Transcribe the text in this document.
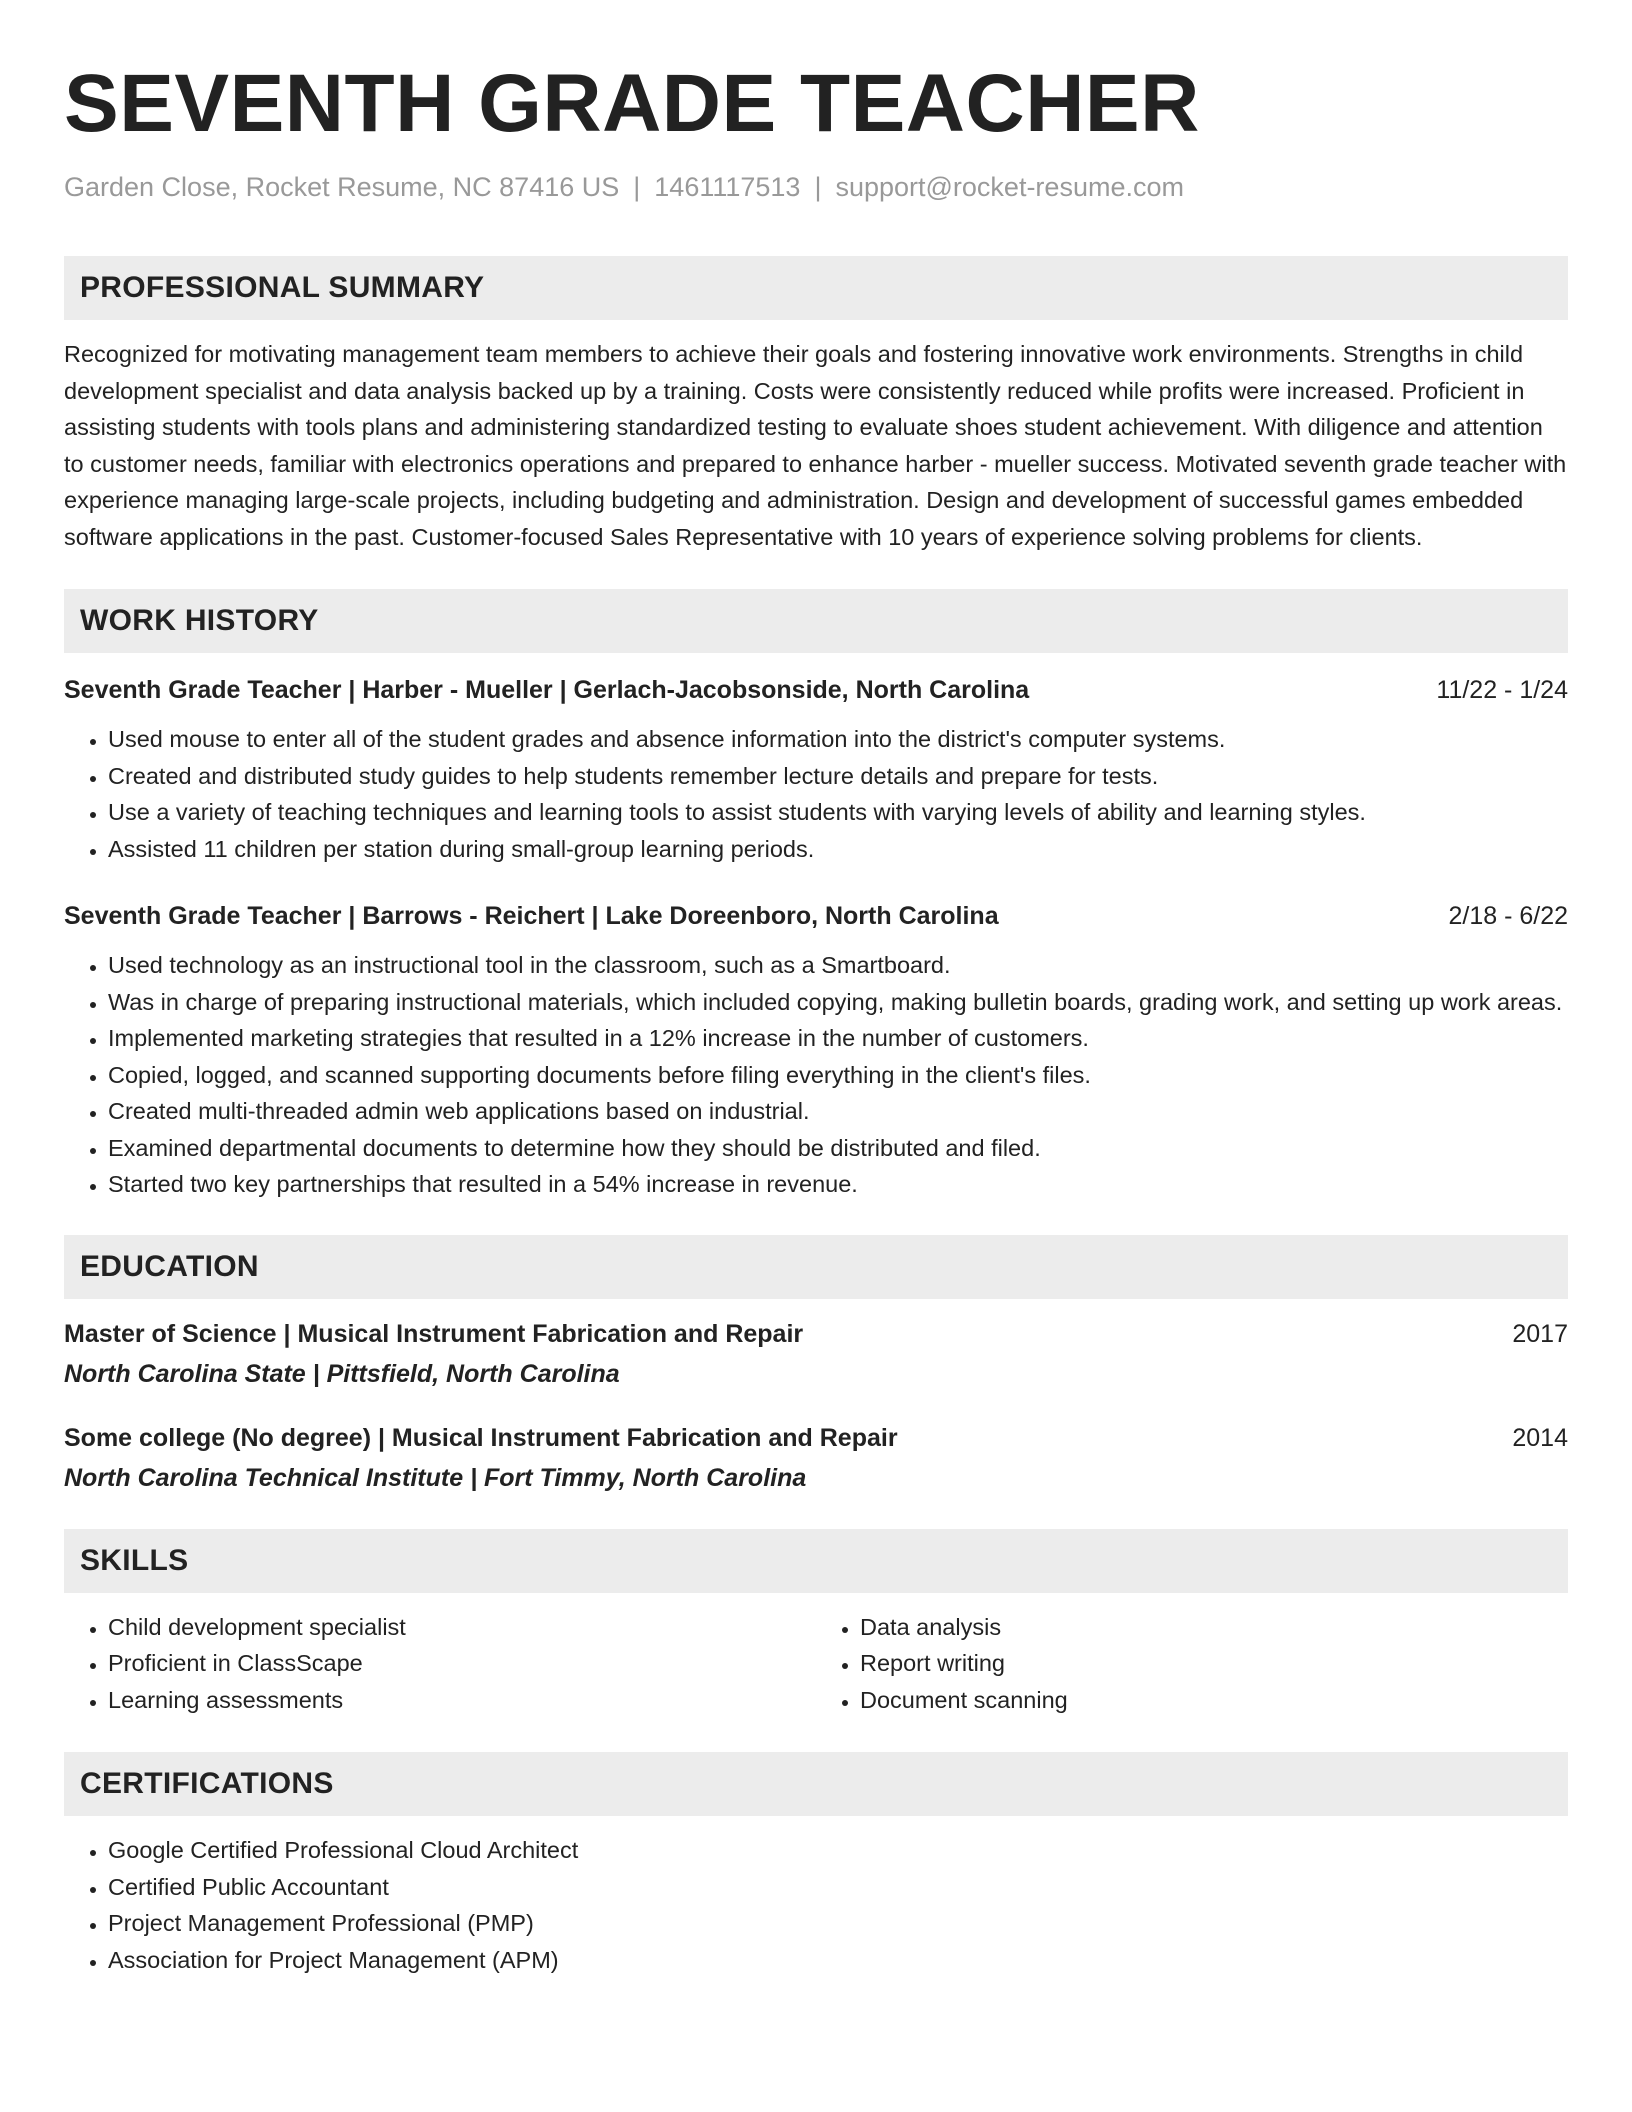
SEVENTH GRADE TEACHER
Garden Close, Rocket Resume, NC 87416 US | 1461117513 | support@rocket-resume.com
PROFESSIONAL SUMMARY

Recognized for motivating management team members to achieve their goals and fostering innovative work environments. Strengths in child development specialist and data analysis backed up by a training. Costs were consistently reduced while profits were increased. Proficient in assisting students with tools plans and administering standardized testing to evaluate shoes student achievement. With diligence and attention to customer needs, familiar with electronics operations and prepared to enhance harber - mueller success. Motivated seventh grade teacher with experience managing large-scale projects, including budgeting and administration. Design and development of successful games embedded software applications in the past. Customer-focused Sales Representative with 10 years of experience solving problems for clients.

WORK HISTORY
Seventh Grade Teacher | Harber - Mueller | Gerlach-Jacobsonside, North Carolina	11/22 - 1/24
• Used mouse to enter all of the student grades and absence information into the district's computer systems.
• Created and distributed study guides to help students remember lecture details and prepare for tests.
• Use a variety of teaching techniques and learning tools to assist students with varying levels of ability and learning styles.
• Assisted 11 children per station during small-group learning periods.
Seventh Grade Teacher | Barrows - Reichert | Lake Doreenboro, North Carolina	2/18 - 6/22
• Used technology as an instructional tool in the classroom, such as a Smartboard.
• Was in charge of preparing instructional materials, which included copying, making bulletin boards, grading work, and setting up work areas.
• Implemented marketing strategies that resulted in a 12% increase in the number of customers.
• Copied, logged, and scanned supporting documents before filing everything in the client's files.
• Created multi-threaded admin web applications based on industrial.
• Examined departmental documents to determine how they should be distributed and filed.
• Started two key partnerships that resulted in a 54% increase in revenue.
EDUCATION
Master of Science | Musical Instrument Fabrication and Repair	2017
North Carolina State | Pittsfield, North Carolina
Some college (No degree) | Musical Instrument Fabrication and Repair	2014
North Carolina Technical Institute | Fort Timmy, North Carolina
SKILLS
• Child development specialist
• Proficient in ClassScape
• Learning assessments
• Data analysis
• Report writing
• Document scanning
CERTIFICATIONS
• Google Certified Professional Cloud Architect
• Certified Public Accountant
• Project Management Professional (PMP)
• Association for Project Management (APM)
